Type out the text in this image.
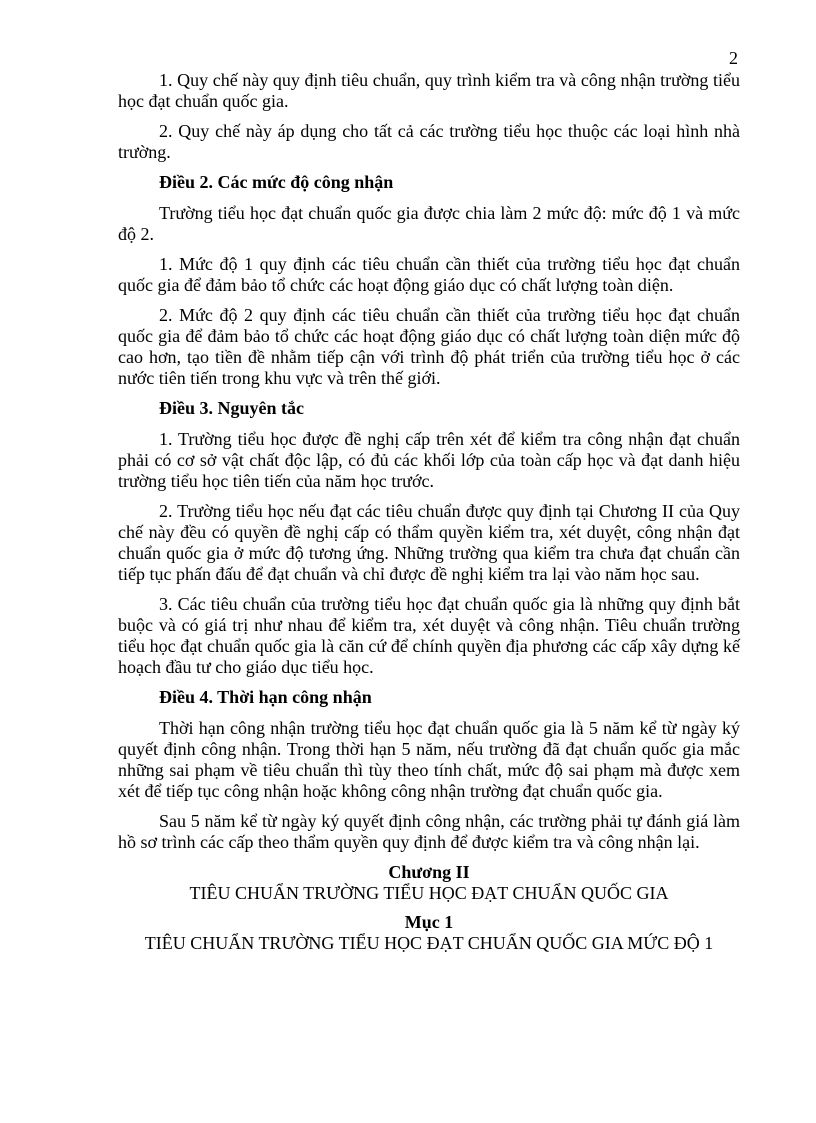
2

1. Quy chế này quy định tiêu chuẩn, quy trình kiểm tra và công nhận trường tiểu học đạt chuẩn quốc gia.

2. Quy chế này áp dụng cho tất cả các trường tiểu học thuộc các loại hình nhà trường.

Điều 2. Các mức độ công nhận

Trường tiểu học đạt chuẩn quốc gia được chia làm 2 mức độ: mức độ 1 và mức độ 2.

1. Mức độ 1 quy định các tiêu chuẩn cần thiết của trường tiểu học đạt chuẩn quốc gia để đảm bảo tổ chức các hoạt động giáo dục có chất lượng toàn diện.

2. Mức độ 2 quy định các tiêu chuẩn cần thiết của trường tiểu học đạt chuẩn quốc gia để đảm bảo tổ chức các hoạt động giáo dục có chất lượng toàn diện mức độ cao hơn, tạo tiền đề nhằm tiếp cận với trình độ phát triển của trường tiểu học ở các nước tiên tiến trong khu vực và trên thế giới.

Điều 3. Nguyên tắc

1. Trường tiểu học được đề nghị cấp trên xét để kiểm tra công nhận đạt chuẩn phải có cơ sở vật chất độc lập, có đủ các khối lớp của toàn cấp học và đạt danh hiệu trường tiểu học tiên tiến của năm học trước.

2. Trường tiểu học nếu đạt các tiêu chuẩn được quy định tại Chương II của Quy chế này đều có quyền đề nghị cấp có thẩm quyền kiểm tra, xét duyệt, công nhận đạt chuẩn quốc gia ở mức độ tương ứng. Những trường qua kiểm tra chưa đạt chuẩn cần tiếp tục phấn đấu để đạt chuẩn và chỉ được đề nghị kiểm tra lại vào năm học sau.

3. Các tiêu chuẩn của trường tiểu học đạt chuẩn quốc gia là những quy định bắt buộc và có giá trị như nhau để kiểm tra, xét duyệt và công nhận. Tiêu chuẩn trường tiểu học đạt chuẩn quốc gia là căn cứ để chính quyền địa phương các cấp xây dựng kế hoạch đầu tư cho giáo dục tiểu học.

Điều 4. Thời hạn công nhận

Thời hạn công nhận trường tiểu học đạt chuẩn quốc gia là 5 năm kể từ ngày ký quyết định công nhận. Trong thời hạn 5 năm, nếu trường đã đạt chuẩn quốc gia mắc những sai phạm về tiêu chuẩn thì tùy theo tính chất, mức độ sai phạm mà được xem xét để tiếp tục công nhận hoặc không công nhận trường đạt chuẩn quốc gia.

Sau 5 năm kể từ ngày ký quyết định công nhận, các trường phải tự đánh giá làm hồ sơ trình các cấp theo thẩm quyền quy định để được kiểm tra và công nhận lại.

Chương II

TIÊU CHUẨN TRƯỜNG TIỂU HỌC ĐẠT CHUẨN QUỐC GIA

Mục 1

TIÊU CHUẨN TRƯỜNG TIỂU HỌC ĐẠT CHUẨN QUỐC GIA MỨC ĐỘ 1
